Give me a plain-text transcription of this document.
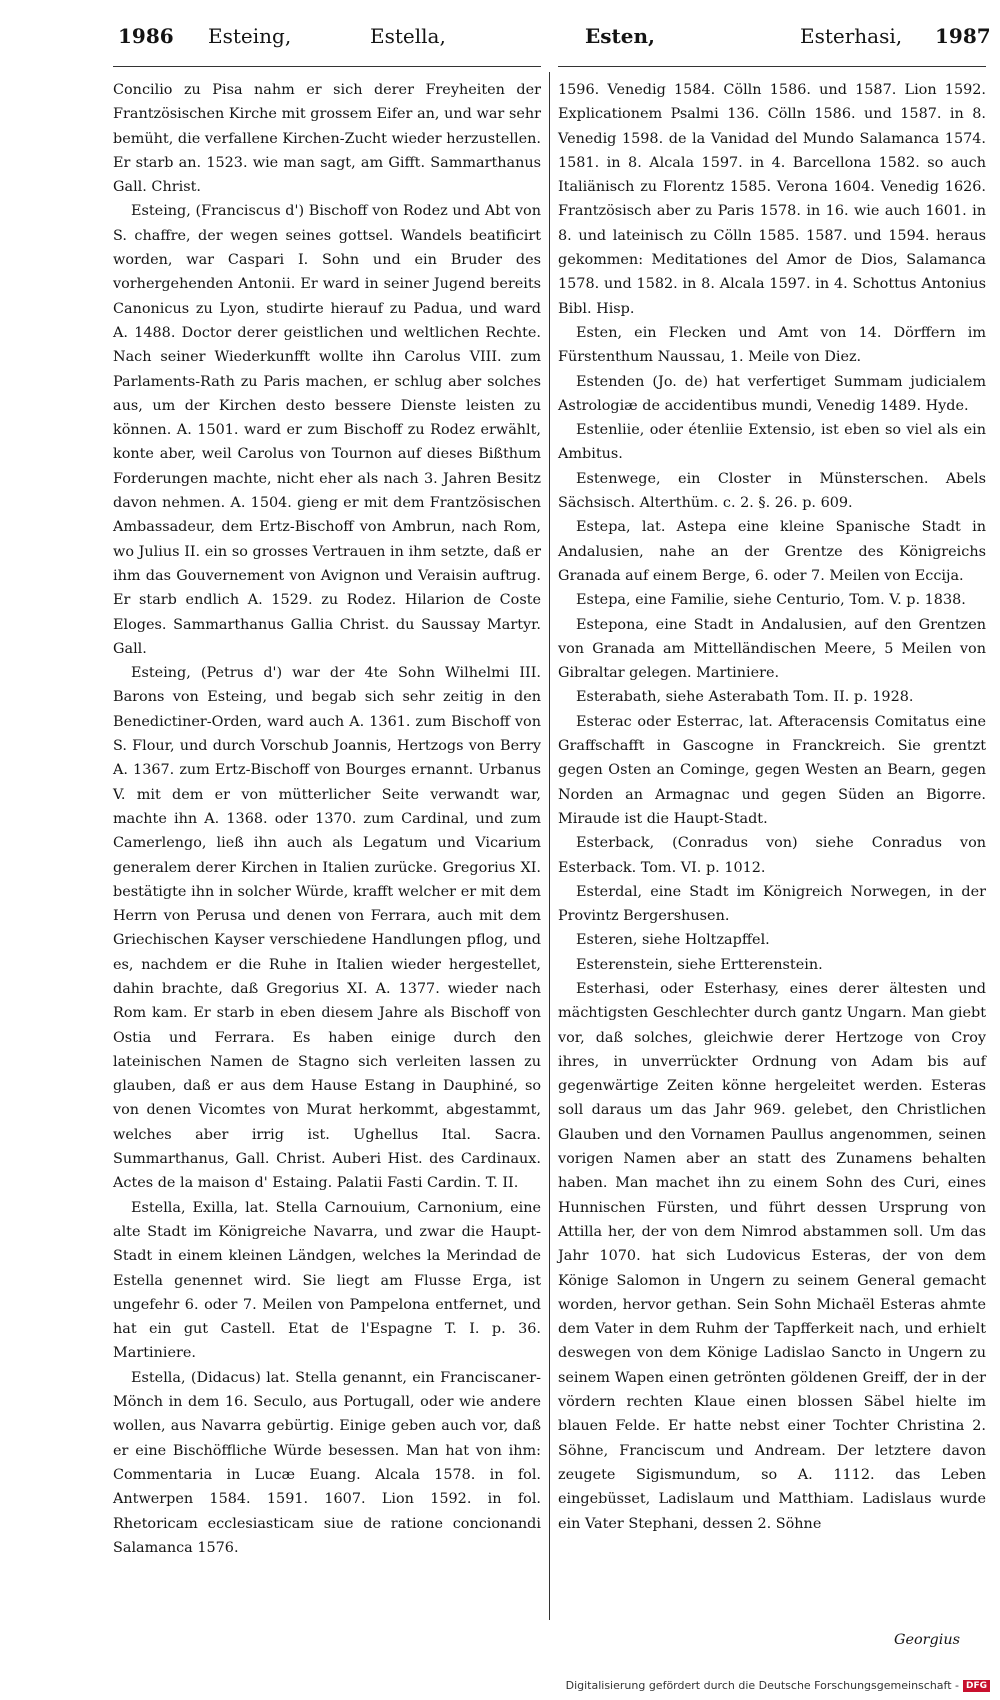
1986 Esteing,	Estella,	Esten,	Esterhasi, 1987

Concilio zu Pisa nahm er sich derer Freyheiten der Frantzösischen Kirche mit grossem Eifer an, und war sehr bemüht, die verfallene Kirchen-Zucht wieder herzustellen. Er starb an. 1523. wie man sagt, am Gifft. Sammarthanus Gall. Christ.

Esteing, (Franciscus d') Bischoff von Rodez und Abt von S. chaffre, der wegen seines gottsel. Wandels beatificirt worden, war Caspari I. Sohn und ein Bruder des vorhergehenden Antonii. Er ward in seiner Jugend bereits Canonicus zu Lyon, studirte hierauf zu Padua, und ward A. 1488. Doctor derer geistlichen und weltlichen Rechte. Nach seiner Wiederkunfft wollte ihn Carolus VIII. zum Parlaments-Rath zu Paris machen, er schlug aber solches aus, um der Kirchen desto bessere Dienste leisten zu können. A. 1501. ward er zum Bischoff zu Rodez erwählt, konte aber, weil Carolus von Tournon auf dieses Bißthum Forderungen machte, nicht eher als nach 3. Jahren Besitz davon nehmen. A. 1504. gieng er mit dem Frantzösischen Ambassadeur, dem Ertz-Bischoff von Ambrun, nach Rom, wo Julius II. ein so grosses Vertrauen in ihm setzte, daß er ihm das Gouvernement von Avignon und Veraisin auftrug. Er starb endlich A. 1529. zu Rodez. Hilarion de Coste Eloges. Sammarthanus Gallia Christ. du Saussay Martyr. Gall.

Esteing, (Petrus d') war der 4te Sohn Wilhelmi III. Barons von Esteing, und begab sich sehr zeitig in den Benedictiner-Orden, ward auch A. 1361. zum Bischoff von S. Flour, und durch Vorschub Joannis, Hertzogs von Berry A. 1367. zum Ertz-Bischoff von Bourges ernannt. Urbanus V. mit dem er von mütterlicher Seite verwandt war, machte ihn A. 1368. oder 1370. zum Cardinal, und zum Camerlengo, ließ ihn auch als Legatum und Vicarium generalem derer Kirchen in Italien zurücke. Gregorius XI. bestätigte ihn in solcher Würde, krafft welcher er mit dem Herrn von Perusa und denen von Ferrara, auch mit dem Griechischen Kayser verschiedene Handlungen pflog, und es, nachdem er die Ruhe in Italien wieder hergestellet, dahin brachte, daß Gregorius XI. A. 1377. wieder nach Rom kam. Er starb in eben diesem Jahre als Bischoff von Ostia und Ferrara. Es haben einige durch den lateinischen Namen de Stagno sich verleiten lassen zu glauben, daß er aus dem Hause Estang in Dauphiné, so von denen Vicomtes von Murat herkommt, abgestammt, welches aber irrig ist. Ughellus Ital. Sacra. Summarthanus, Gall. Christ. Auberi Hist. des Cardinaux. Actes de la maison d' Estaing. Palatii Fasti Cardin. T. II.

Estella, Exilla, lat. Stella Carnouium, Carnonium, eine alte Stadt im Königreiche Navarra, und zwar die Haupt-Stadt in einem kleinen Ländgen, welches la Merindad de Estella genennet wird. Sie liegt am Flusse Erga, ist ungefehr 6. oder 7. Meilen von Pampelona entfernet, und hat ein gut Castell. Etat de l'Espagne T. I. p. 36. Martiniere.

Estella, (Didacus) lat. Stella genannt, ein Franciscaner-Mönch in dem 16. Seculo, aus Portugall, oder wie andere wollen, aus Navarra gebürtig. Einige geben auch vor, daß er eine Bischöffliche Würde besessen. Man hat von ihm: Commentaria in Lucæ Euang. Alcala 1578. in fol. Antwerpen 1584. 1591. 1607. Lion 1592. in fol. Rhetoricam ecclesiasticam siue de ratione concionandi Salamanca 1576.

1596. Venedig 1584. Cölln 1586. und 1587. Lion 1592. Explicationem Psalmi 136. Cölln 1586. und 1587. in 8. Venedig 1598. de la Vanidad del Mundo Salamanca 1574. 1581. in 8. Alcala 1597. in 4. Barcellona 1582. so auch Italiänisch zu Florentz 1585. Verona 1604. Venedig 1626. Frantzösisch aber zu Paris 1578. in 16. wie auch 1601. in 8. und lateinisch zu Cölln 1585. 1587. und 1594. heraus gekommen: Meditationes del Amor de Dios, Salamanca 1578. und 1582. in 8. Alcala 1597. in 4. Schottus Antonius Bibl. Hisp.

Esten, ein Flecken und Amt von 14. Dörffern im Fürstenthum Naussau, 1. Meile von Diez.

Estenden (Jo. de) hat verfertiget Summam judicialem Astrologiæ de accidentibus mundi, Venedig 1489. Hyde.

Estenliie, oder étenliie Extensio, ist eben so viel als ein Ambitus.

Estenwege, ein Closter in Münsterschen. Abels Sächsisch. Alterthüm. c. 2. §. 26. p. 609.

Estepa, lat. Astepa eine kleine Spanische Stadt in Andalusien, nahe an der Grentze des Königreichs Granada auf einem Berge, 6. oder 7. Meilen von Eccija.

Estepa, eine Familie, siehe Centurio, Tom. V. p. 1838.

Estepona, eine Stadt in Andalusien, auf den Grentzen von Granada am Mittelländischen Meere, 5 Meilen von Gibraltar gelegen. Martiniere.

Esterabath, siehe Asterabath Tom. II. p. 1928.

Esterac oder Esterrac, lat. Afteracensis Comitatus eine Graffschafft in Gascogne in Franckreich. Sie grentzt gegen Osten an Cominge, gegen Westen an Bearn, gegen Norden an Armagnac und gegen Süden an Bigorre. Miraude ist die Haupt-Stadt.

Esterback, (Conradus von) siehe Conradus von Esterback. Tom. VI. p. 1012.

Esterdal, eine Stadt im Königreich Norwegen, in der Provintz Bergershusen.

Esteren, siehe Holtzapffel.

Esterenstein, siehe Ertterenstein.

Esterhasi, oder Esterhasy, eines derer ältesten und mächtigsten Geschlechter durch gantz Ungarn. Man giebt vor, daß solches, gleichwie derer Hertzoge von Croy ihres, in unverrückter Ordnung von Adam bis auf gegenwärtige Zeiten könne hergeleitet werden. Esteras soll daraus um das Jahr 969. gelebet, den Christlichen Glauben und den Vornamen Paullus angenommen, seinen vorigen Namen aber an statt des Zunamens behalten haben. Man machet ihn zu einem Sohn des Curi, eines Hunnischen Fürsten, und führt dessen Ursprung von Attilla her, der von dem Nimrod abstammen soll. Um das Jahr 1070. hat sich Ludovicus Esteras, der von dem Könige Salomon in Ungern zu seinem General gemacht worden, hervor gethan. Sein Sohn Michaël Esteras ahmte dem Vater in dem Ruhm der Tapfferkeit nach, und erhielt deswegen von dem Könige Ladislao Sancto in Ungern zu seinem Wapen einen getrönten göldenen Greiff, der in der vördern rechten Klaue einen blossen Säbel hielte im blauen Felde. Er hatte nebst einer Tochter Christina 2. Söhne, Franciscum und Andream. Der letztere davon zeugete Sigismundum, so A. 1112. das Leben eingebüsset, Ladislaum und Matthiam. Ladislaus wurde ein Vater Stephani, dessen 2. Söhne

Georgius
Digitalisierung gefördert durch die Deutsche Forschungsgemeinschaft - DFG
